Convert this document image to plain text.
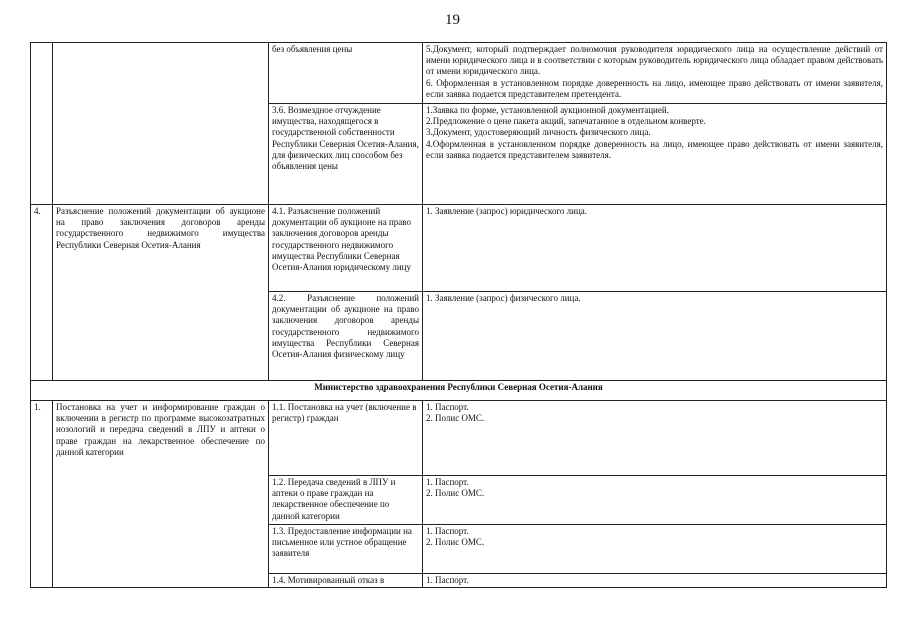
19
		без объявления цены	5.Документ, который подтверждает полномочия руководителя юридического лица на осуществление действий от имени юридического лица и в соответствии с которым руководитель юридического лица обладает правом действовать от имени юридического лица.
6. Оформленная в установленном порядке доверенность на лицо, имеющее право действовать от имени заявителя, если заявка подается представителем претендента.

		3.6. Возмездное отчуждение имущества, находящегося в государственной собственности Республики Северная Осетия-Алания, для физических лиц способом без объявления цены	1.Заявка по форме, установленной аукционной документацией.
2.Предложение о цене пакета акций, запечатанное в отдельном конверте.
3.Документ, удостоверяющий личность физического лица.
4.Оформленная в установленном порядке доверенность на лицо, имеющее право действовать от имени заявителя, если заявка подается представителем заявителя.

4.	Разъяснение положений документации об аукционе на право заключения договоров аренды государственного недвижимого имущества Республики Северная Осетия-Алания	4.1. Разъяснение положений документации об аукционе на право заключения договоров аренды государственного недвижимого имущества Республики Северная Осетия-Алания юридическому лицу	1. Заявление (запрос) юридического лица.

		4.2. Разъяснение положений документации об аукционе на право заключения договоров аренды государственного недвижимого имущества Республики Северная Осетия-Алания физическому лицу	1. Заявление (запрос) физического лица.

Министерство здравоохранения Республики Северная Осетия-Алания			
1.	Постановка на учет и информирование граждан о включении в регистр по программе высокозатратных нозологий и передача сведений в ЛПУ и аптеки о праве граждан на лекарственное обеспечение по данной категории	1.1. Постановка на учет (включение в регистр) граждан	1. Паспорт.
2. Полис ОМС.

		1.2. Передача сведений в ЛПУ и аптеки о праве граждан на лекарственное обеспечение по данной категории	1. Паспорт.
2. Полис ОМС.

		1.3. Предоставление информации на письменное или устное обращение заявителя	1. Паспорт.
2. Полис ОМС.

		1.4. Мотивированный отказ в	1. Паспорт.
